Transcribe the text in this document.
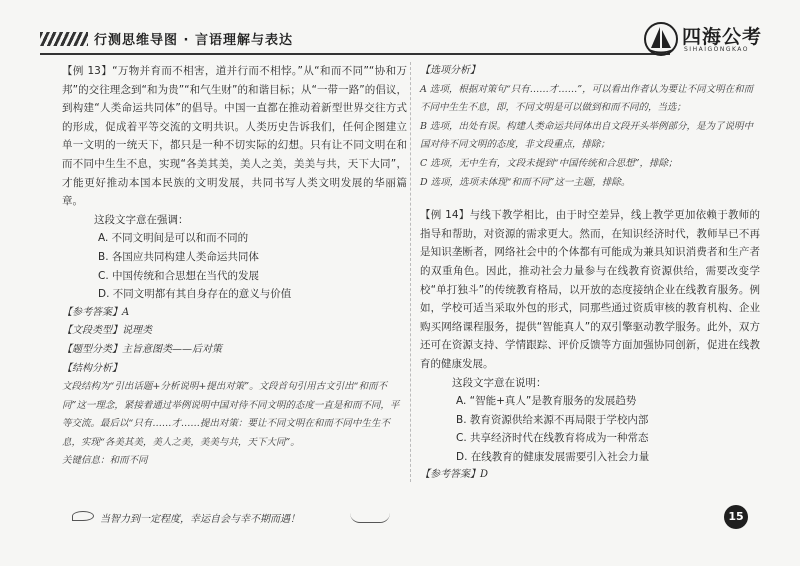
行测思维导图 · 言语理解与表达	四海公考
SIHAIGONGKAO

【例 13】“万物并育而不相害，道并行而不相悖。”从“和而不同”“协和万邦”的交往理念到“和为贵”“和气生财”的和谐目标；从“一带一路”的倡议，到构建“人类命运共同体”的倡导。中国一直都在推动着新型世界交往方式的形成，促成着平等交流的文明共识。人类历史告诉我们，任何企图建立单一文明的一统天下，都只是一种不切实际的幻想。只有让不同文明在和而不同中生生不息，实现“各美其美，美人之美，美美与共，天下大同”，才能更好推动本国本民族的文明发展，共同书写人类文明发展的华丽篇章。

这段文字意在强调：

A. 不同文明间是可以和而不同的

B. 各国应共同构建人类命运共同体

C. 中国传统和合思想在当代的发展

D. 不同文明都有其自身存在的意义与价值

【参考答案】A

【文段类型】说理类

【题型分类】主旨意图类——后对策

【结构分析】

文段结构为“引出话题+分析说明+提出对策”。文段首句引用古文引出“和而不同”这一理念，紧接着通过举例说明中国对待不同文明的态度一直是和而不同，平等交流。最后以“只有……才……提出对策：要让不同文明在和而不同中生生不息，实现“各美其美，美人之美，美美与共，天下大同”。

关键信息：和而不同

【选项分析】

A 选项，根据对策句“只有……才……”，可以看出作者认为要让不同文明在和而不同中生生不息，即，不同文明是可以做到和而不同的，当选；

B 选项，出处有误。构建人类命运共同体出自文段开头举例部分，是为了说明中国对待不同文明的态度，非文段重点，排除；

C 选项，无中生有，文段未提到“中国传统和合思想”，排除；

D 选项，选项未体现“和而不同”这一主题，排除。

【例 14】与线下教学相比，由于时空差异，线上教学更加依赖于教师的指导和帮助，对资源的需求更大。然而，在知识经济时代，教师早已不再是知识垄断者，网络社会中的个体都有可能成为兼具知识消费者和生产者的双重角色。因此，推动社会力量参与在线教育资源供给，需要改变学校“单打独斗”的传统教育格局，以开放的态度接纳企业在线教育服务。例如，学校可适当采取外包的形式，同那些通过资质审核的教育机构、企业购买网络课程服务，提供“智能真人”的双引擎驱动教学服务。此外，双方还可在资源支持、学情跟踪、评价反馈等方面加强协同创新，促进在线教育的健康发展。

这段文字意在说明：

A. “智能+真人”是教育服务的发展趋势

B. 教育资源供给来源不再局限于学校内部

C. 共享经济时代在线教育将成为一种常态

D. 在线教育的健康发展需要引入社会力量

【参考答案】D

当智力到一定程度，幸运自会与幸不期而遇！	15
